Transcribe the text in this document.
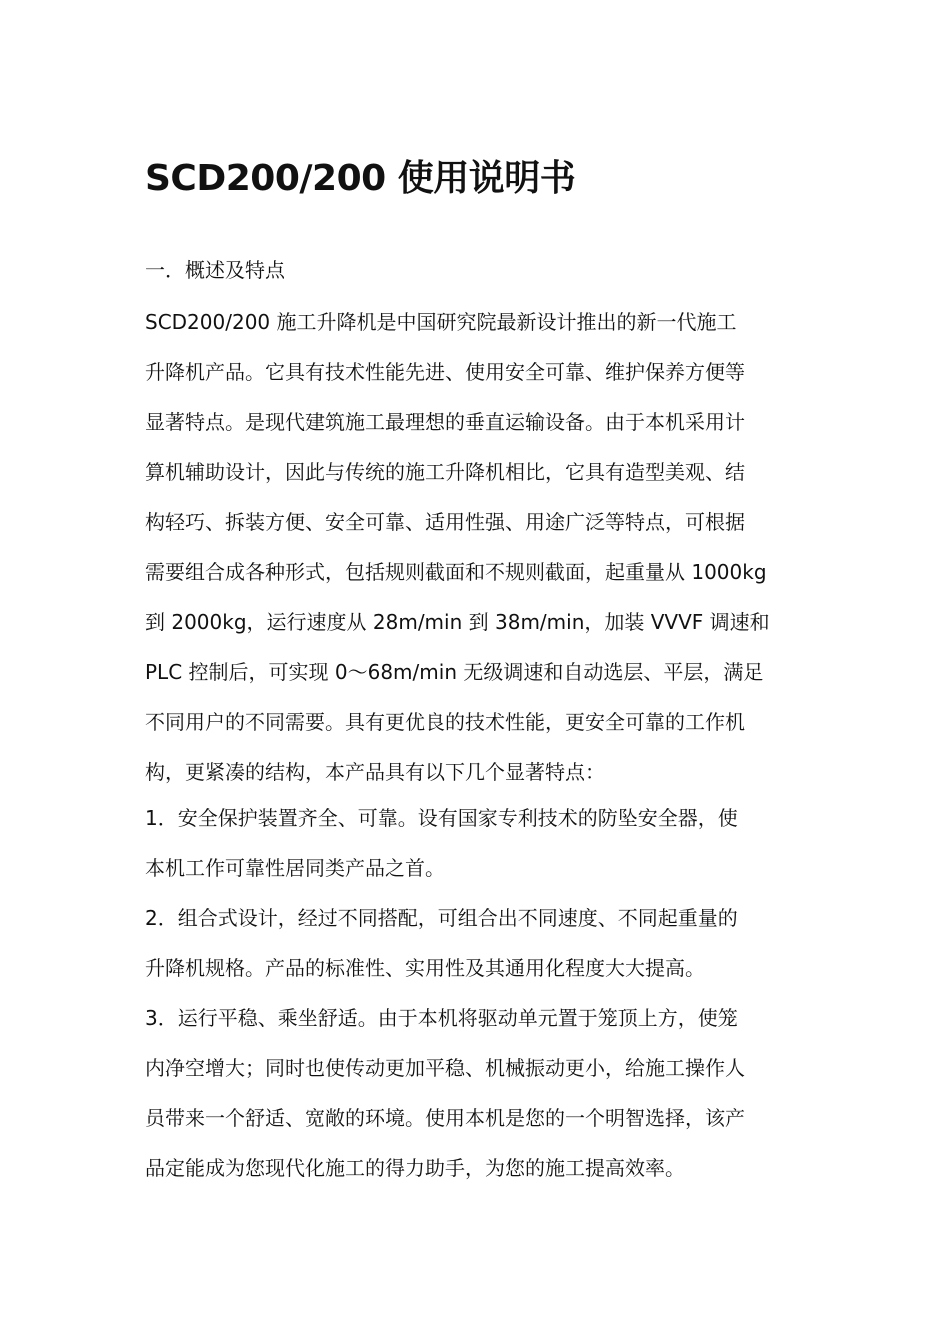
SCD200/200 使用说明书
一．概述及特点
SCD200/200 施工升降机是中国研究院最新设计推出的新一代施工
升降机产品。它具有技术性能先进、使用安全可靠、维护保养方便等
显著特点。是现代建筑施工最理想的垂直运输设备。由于本机采用计
算机辅助设计，因此与传统的施工升降机相比，它具有造型美观、结
构轻巧、拆装方便、安全可靠、适用性强、用途广泛等特点，可根据
需要组合成各种形式，包括规则截面和不规则截面，起重量从 1000kg
到 2000kg，运行速度从 28m/min 到 38m/min，加装 VVVF 调速和
PLC 控制后，可实现 0～68m/min 无级调速和自动选层、平层，满足
不同用户的不同需要。具有更优良的技术性能，更安全可靠的工作机
构，更紧凑的结构，本产品具有以下几个显著特点：
1．安全保护装置齐全、可靠。设有国家专利技术的防坠安全器，使
本机工作可靠性居同类产品之首。
2．组合式设计，经过不同搭配，可组合出不同速度、不同起重量的
升降机规格。产品的标准性、实用性及其通用化程度大大提高。
3．运行平稳、乘坐舒适。由于本机将驱动单元置于笼顶上方，使笼
内净空增大；同时也使传动更加平稳、机械振动更小，给施工操作人
员带来一个舒适、宽敞的环境。使用本机是您的一个明智选择，该产
品定能成为您现代化施工的得力助手，为您的施工提高效率。
